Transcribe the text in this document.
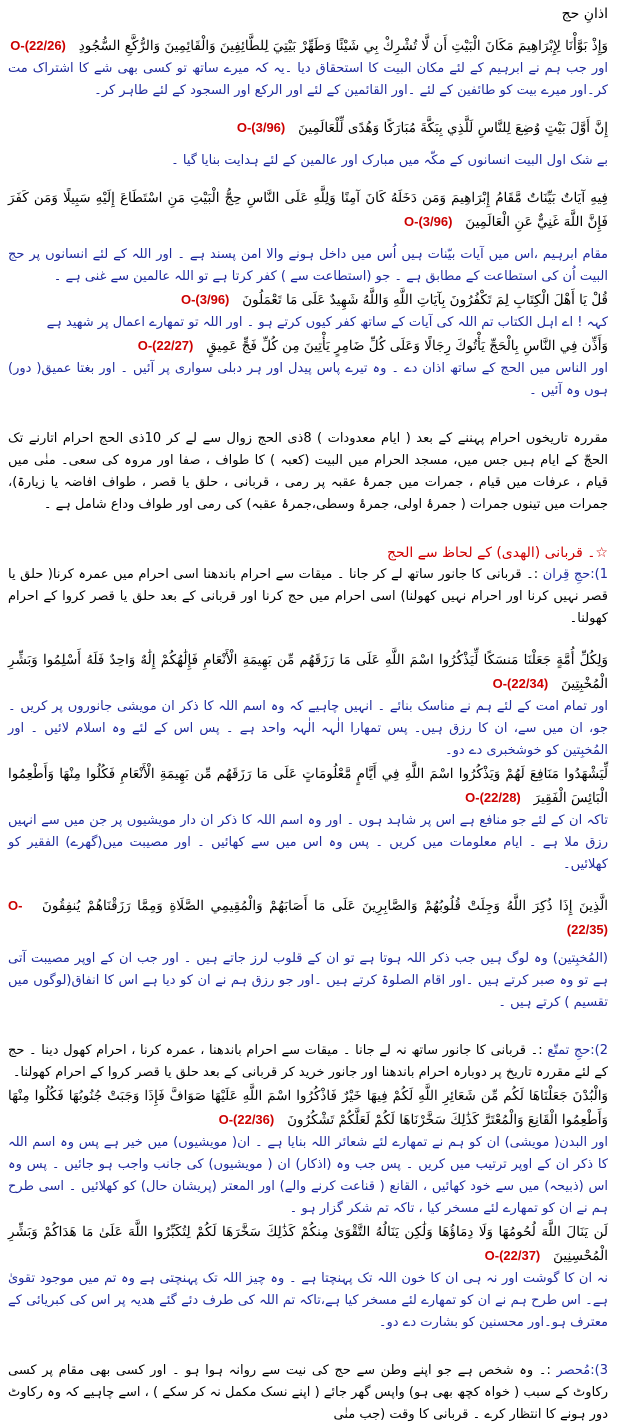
اذانِ حج

وَإِذْ بَوَّأْنَا لِإِبْرَاهِيمَ مَكَانَ الْبَيْتِ أَن لَّا تُشْرِكْ بِي شَيْئًا وَطَهِّرْ بَيْتِيَ لِلطَّائِفِينَ وَالْقَائِمِينَ وَالرُّكَّعِ السُّجُودِ   O-(22/26)

اور جب ہم نے ابرہیم کے لئے مکان البیت کا استحقاق دیا ۔یہ کہ میرے ساتھ تو کسی بھی شے کا اشتراک مت کر۔اور میرے بیت کو طائفین کے لئے ۔اور القائمین کے لئے اور الرکع اور السجود کے لئے طاہر کر۔

إِنَّ أَوَّلَ بَيْتٍ وُضِعَ لِلنَّاسِ لَلَّذِي بِبَكَّةَ مُبَارَكًا وَهُدًى لِّلْعَالَمِينَ   O-(3/96)

بے شک اول البیت انسانوں کے مکّہ میں مبارک اور عالمین کے لئے ہدایت بنایا گیا ۔

فِيهِ آيَاتٌ بَيِّنَاتٌ مَّقَامُ إِبْرَاهِيمَ وَمَن دَخَلَهُ كَانَ آمِنًا وَلِلَّهِ عَلَى النَّاسِ حِجُّ الْبَيْتِ مَنِ اسْتَطَاعَ إِلَيْهِ سَبِيلًا وَمَن كَفَرَ فَإِنَّ اللَّهَ غَنِيٌّ عَنِ الْعَالَمِينَ   O-(3/96)

مقام ابرہیم ،اس میں آیات بیّنات ہیں اُس میں داخل ہونے والا امن پسند ہے ۔ اور اللہ کے لئے انسانوں پر حج البیت اُن کی استطاعت کے مطابق ہے ۔ جو (استطاعت سے ) کفر کرتا ہے تو اللہ عالمین سے غنی ہے ۔

قُلْ يَا أَهْلَ الْكِتَابِ لِمَ تَكْفُرُونَ بِآيَاتِ اللَّهِ وَاللَّهُ شَهِيدٌ عَلَى مَا تَعْمَلُونَ   O-(3/96)

کہہ ! اے اہل الکتاب تم اللہ کی آیات کے ساتھ کفر کیوں کرتے ہو ۔ اور اللہ تو تمھارے اعمال پر شھید ہے

وَأَذِّن فِي النَّاسِ بِالْحَجِّ يَأْتُوكَ رِجَالًا وَعَلَى كُلِّ ضَامِرٍ يَأْتِينَ مِن كُلِّ فَجٍّ عَمِيقٍ   O-(22/27)

اور الناس میں الحج کے ساتھ اذان دے ۔ وہ تیرے پاس پیدل اور ہر دبلی سواری پر آئیں ۔ اور بغتا عمیق( دور) ہوں وہ آئیں ۔

مقررہ تاریخوں احرام پہننے کے بعد ( ایام معدودات ) 8ذی الحج زوال سے لے کر 10ذی الحج احرام اتارنے تک الحجّ کے ایام ہیں جس میں، مسجد الحرام میں البیت (کعبہ ) کا طواف ، صفا اور مروہ کی سعی۔ منٰی میں قیام ، عرفات میں قیام ، جمرات میں جمرۂ عقبہ پر رمی ، قربانی ، حلق یا قصر ، طواف افاضہ یا زیارۃ)، جمرات میں تینوں جمرات ( جمرۂ اولی، جمرۂ وسطی،جمرۂ عقبہ) کی رمی اور طواف وداع شامل ہے ۔

☆۔ قربانی (الھدی) کے لحاظ سے الحج

1):حجِ قِران :۔ قربانی کا جانور ساتھ لے کر جانا ۔ میقات سے احرام باندھنا اسی احرام میں عمرہ کرنا( حلق یا قصر نہیں کرنا اور احرام نہیں کھولنا) اسی احرام میں حج کرنا اور قربانی کے بعد حلق یا قصر کروا کے احرام کھولنا۔

وَلِكُلِّ أُمَّةٍ جَعَلْنَا مَنسَكًا لِّيَذْكُرُوا اسْمَ اللَّهِ عَلَى مَا رَزَقَهُم مِّن بَهِيمَةِ الْأَنْعَامِ فَإِلَٰهُكُمْ إِلَٰهٌ وَاحِدٌ فَلَهُ أَسْلِمُوا وَبَشِّرِ الْمُخْبِتِينَ   O-(22/34)

اور تمام امت کے لئے ہم نے مناسک بنائے ۔ انہیں چاہیے کہ وہ اسم اللہ کا ذکر ان مویشی جانوروں پر کریں ۔جو، ان میں سے، ان کا رزق ہیں۔ پس تمھارا الٰہہ الٰہہ واحد ہے ۔ پس اس کے لئے وہ اسلام لائیں ۔ اور المُخبِتین کو خوشخبری دے دو۔

لِّيَشْهَدُوا مَنَافِعَ لَهُمْ وَيَذْكُرُوا اسْمَ اللَّهِ فِي أَيَّامٍ مَّعْلُومَاتٍ عَلَى مَا رَزَقَهُم مِّن بَهِيمَةِ الْأَنْعَامِ فَكُلُوا مِنْهَا وَأَطْعِمُوا الْبَائِسَ الْفَقِيرَ   O-(22/28)

تاکہ ان کے لئے جو منافع ہے اس پر شاہد ہوں ۔ اور وہ اسم اللہ کا ذکر ان دار مویشیوں پر جن میں سے انہیں رزق ملا ہے ۔ ایام معلومات میں کریں ۔ پس وہ اس میں سے کھائیں ۔ اور مصیبت میں(گھرے) الفقیر کو کھلائیں۔

الَّذِينَ إِذَا ذُكِرَ اللَّهُ وَجِلَتْ قُلُوبُهُمْ وَالصَّابِرِينَ عَلَى مَا أَصَابَهُمْ وَالْمُقِيمِي الصَّلَاةِ وَمِمَّا رَزَقْنَاهُمْ يُنفِقُونَ   O-(22/35)

(المُخبِتین) وہ لوگ ہیں جب ذکر اللہ ہوتا ہے تو ان کے قلوب لرز جاتے ہیں ۔ اور جب ان کے اوپر مصیبت آتی ہے تو وہ صبر کرتے ہیں ۔اور اقام الصلوۃ کرتے ہیں ۔اور جو رزق ہم نے ان کو دیا ہے اس کا انفاق(لوگوں میں تقسیم ) کرتے ہیں ۔

2):حجِ تمتّع :۔ قربانی کا جانور ساتھ نہ لے جانا ۔ میقات سے احرام باندھنا ، عمرہ کرنا ، احرام کھول دینا ۔ حج کے لئے مقررہ تاریخ پر دوبارہ احرام باندھنا اور جانور خرید کر قربانی کے بعد حلق یا قصر کروا کے احرام کھولنا۔

وَالْبُدْنَ جَعَلْنَاهَا لَكُم مِّن شَعَائِرِ اللَّهِ لَكُمْ فِيهَا خَيْرٌ فَاذْكُرُوا اسْمَ اللَّهِ عَلَيْهَا صَوَافَّ فَإِذَا وَجَبَتْ جُنُوبُهَا فَكُلُوا مِنْهَا وَأَطْعِمُوا الْقَانِعَ وَالْمُعْتَرَّ كَذَٰلِكَ سَخَّرْنَاهَا لَكُمْ لَعَلَّكُمْ تَشْكُرُونَ   O-(22/36)

اور البدن( مویشی) ان کو ہم نے تمھارے لئے شعائر اللہ بنایا ہے ۔ ان( مویشیوں) میں خیر ہے پس وہ اسم اللہ کا ذکر ان کے اوپر ترتیب میں کریں ۔ پس جب وہ (اذکار) ان ( مویشیوں) کی جانب واجب ہو جائیں ۔ پس وہ اس (ذبیحہ) میں سے خود کھائیں ، القانع ( قناعت کرنے والے) اور المعتر (پریشان حال) کو کھلائیں ۔ اسی طرح ہم نے ان کو تمھارے لئے مسخر کیا ، تاکہ تم شکر گزار ہو ۔

لَن يَنَالَ اللَّهَ لُحُومُهَا وَلَا دِمَاؤُهَا وَلَٰكِن يَنَالُهُ التَّقْوَىٰ مِنكُمْ كَذَٰلِكَ سَخَّرَهَا لَكُمْ لِتُكَبِّرُوا اللَّهَ عَلَىٰ مَا هَدَاكُمْ وَبَشِّرِ الْمُحْسِنِينَ   O-(22/37)

نہ ان کا گوشت اور نہ ہی ان کا خون اللہ تک پہنچتا ہے ۔ وہ چیز اللہ تک پہنچتی ہے وہ تم میں موجود تقویٰ ہے۔ اس طرح ہم نے ان کو تمھارے لئے مسخر کیا ہے،تاکہ تم اللہ کی طرف دئے گئے ھدیہ پر اس کی کبریائی کے معترف ہو۔اور محسنین کو بشارت دے دو۔

3):مُحصر :۔ وہ شخص ہے جو اپنے وطن سے حج کی نیت سے روانہ ہوا ہو ۔ اور کسی بھی مقام پر کسی رکاوٹ کے سبب ( خواہ کچھ بھی ہو) واپس گھر جائے ( اپنے نسک مکمل نہ کر سکے ) ، اسے چاہیے کہ وہ رکاوٹ دور ہونے کا انتظار کرے ۔ قربانی کا وقت (جب منٰی
